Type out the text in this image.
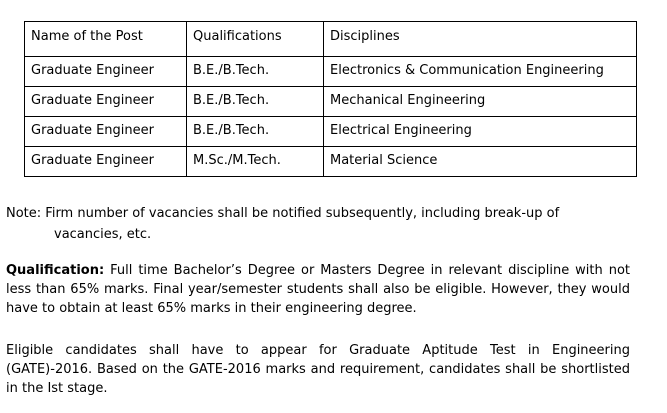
Name of the Post	Qualifications	Disciplines
Graduate Engineer	B.E./B.Tech.	Electronics & Communication Engineering
Graduate Engineer	B.E./B.Tech.	Mechanical Engineering
Graduate Engineer	B.E./B.Tech.	Electrical Engineering
Graduate Engineer	M.Sc./M.Tech.	Material Science
Note: Firm number of vacancies shall be notified subsequently, including break-up of
vacancies, etc.
Qualification: Full time Bachelor’s Degree or Masters Degree in relevant discipline with not less than 65% marks. Final year/semester students shall also be eligible. However, they would have to obtain at least 65% marks in their engineering degree.
Eligible candidates shall have to appear for Graduate Aptitude Test in Engineering (GATE)-2016. Based on the GATE-2016 marks and requirement, candidates shall be shortlisted in the Ist stage.
